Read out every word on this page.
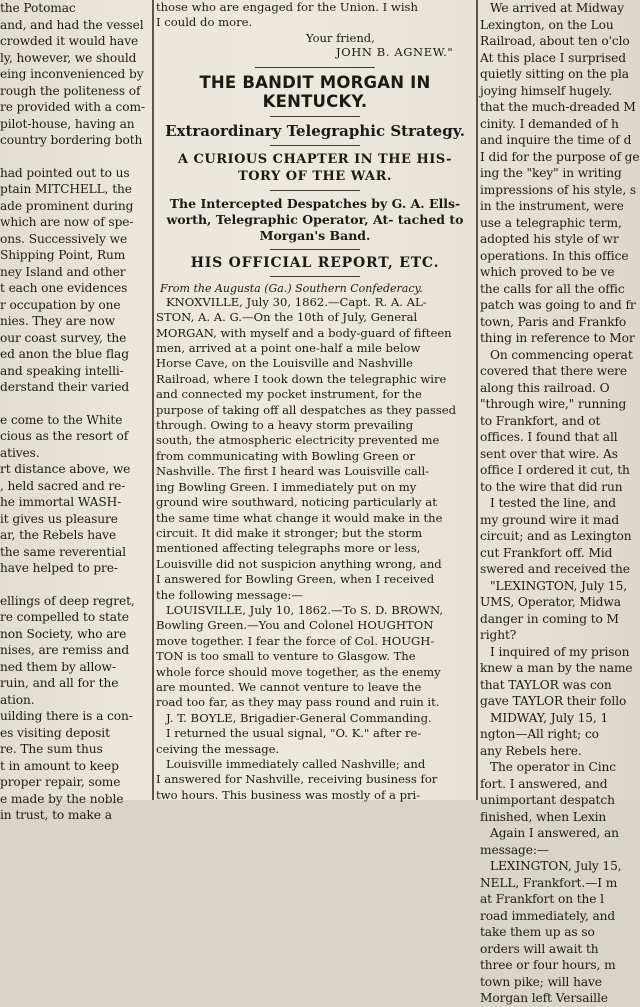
the Potomac

and, and had the vessel

crowded it would have

ly, however, we should

eing inconvenienced by

rough the politeness of

re provided with a com-

pilot-house, having an

country bordering both

had pointed out to us

ptain MITCHELL, the

ade prominent during

which are now of spe-

ons. Successively we

Shipping Point, Rum

ney Island and other

t each one evidences

r occupation by one

nies. They are now

our coast survey, the

ed anon the blue flag

and speaking intelli-

derstand their varied

e come to the White

cious as the resort of

atives.

rt distance above, we

, held sacred and re-

he immortal WASH-

it gives us pleasure

ar, the Rebels have

the same reverential

have helped to pre-

ellings of deep regret,

re compelled to state

non Society, who are

nises, are remiss and

ned them by allow-

ruin, and all for the

ation.

uilding there is a con-

es visiting deposit

re. The sum thus

t in amount to keep

proper repair, some

e made by the noble

in trust, to make a

those who are engaged for the Union. I wish

I could do more.

Your friend,

JOHN B. AGNEW."

THE BANDIT MORGAN IN KENTUCKY.

Extraordinary Telegraphic Strategy.

A CURIOUS CHAPTER IN THE HIS- TORY OF THE WAR.

The Intercepted Despatches by G. A. Ells- worth, Telegraphic Operator, At- tached to Morgan's Band.

HIS OFFICIAL REPORT, ETC.

From the Augusta (Ga.) Southern Confederacy.

KNOXVILLE, July 30, 1862.—Capt. R. A. AL-

STON, A. A. G.—On the 10th of July, General

MORGAN, with myself and a body-guard of fifteen

men, arrived at a point one-half a mile below

Horse Cave, on the Louisville and Nashville

Railroad, where I took down the telegraphic wire

and connected my pocket instrument, for the

purpose of taking off all despatches as they passed

through. Owing to a heavy storm prevailing

south, the atmospheric electricity prevented me

from communicating with Bowling Green or

Nashville. The first I heard was Louisville call-

ing Bowling Green. I immediately put on my

ground wire southward, noticing particularly at

the same time what change it would make in the

circuit. It did make it stronger; but the storm

mentioned affecting telegraphs more or less,

Louisville did not suspicion anything wrong, and

I answered for Bowling Green, when I received

the following message:—

LOUISVILLE, July 10, 1862.—To S. D. BROWN,

Bowling Green.—You and Colonel HOUGHTON

move together. I fear the force of Col. HOUGH-

TON is too small to venture to Glasgow. The

whole force should move together, as the enemy

are mounted. We cannot venture to leave the

road too far, as they may pass round and ruin it.

J. T. BOYLE, Brigadier-General Commanding.

I returned the usual signal, "O. K." after re-

ceiving the message.

Louisville immediately called Nashville; and

I answered for Nashville, receiving business for

two hours. This business was mostly of a pri-

We arrived at Midway

Lexington, on the Lou

Railroad, about ten o'clo

At this place I surprised

quietly sitting on the pla

joying himself hugely.

that the much-dreaded M

cinity. I demanded of h

and inquire the time of d

I did for the purpose of ge

ing the "key" in writing

impressions of his style, s

in the instrument, were

use a telegraphic term,

adopted his style of wr

operations. In this office

which proved to be ve

the calls for all the offic

patch was going to and fr

town, Paris and Frankfo

thing in reference to Mor

On commencing operat

covered that there were

along this railroad. O

"through wire," running

to Frankfort, and ot

offices. I found that all

sent over that wire. As

office I ordered it cut, th

to the wire that did run

I tested the line, and

my ground wire it mad

circuit; and as Lexington

cut Frankfort off. Mid

swered and received the

"LEXINGTON, July 15,

UMS, Operator, Midwa

danger in coming to M

right?

I inquired of my prison

knew a man by the name

that TAYLOR was con

gave TAYLOR their follo

MIDWAY, July 15, 1

ngton—All right; co

any Rebels here.

The operator in Cinc

fort. I answered, and

unimportant despatch

finished, when Lexin

Again I answered, an

message:—

LEXINGTON, July 15,

NELL, Frankfort.—I m

at Frankfort on the l

road immediately, and

take them up as so

orders will await th

three or four hours, m

town pike; will have

Morgan left Versaille
